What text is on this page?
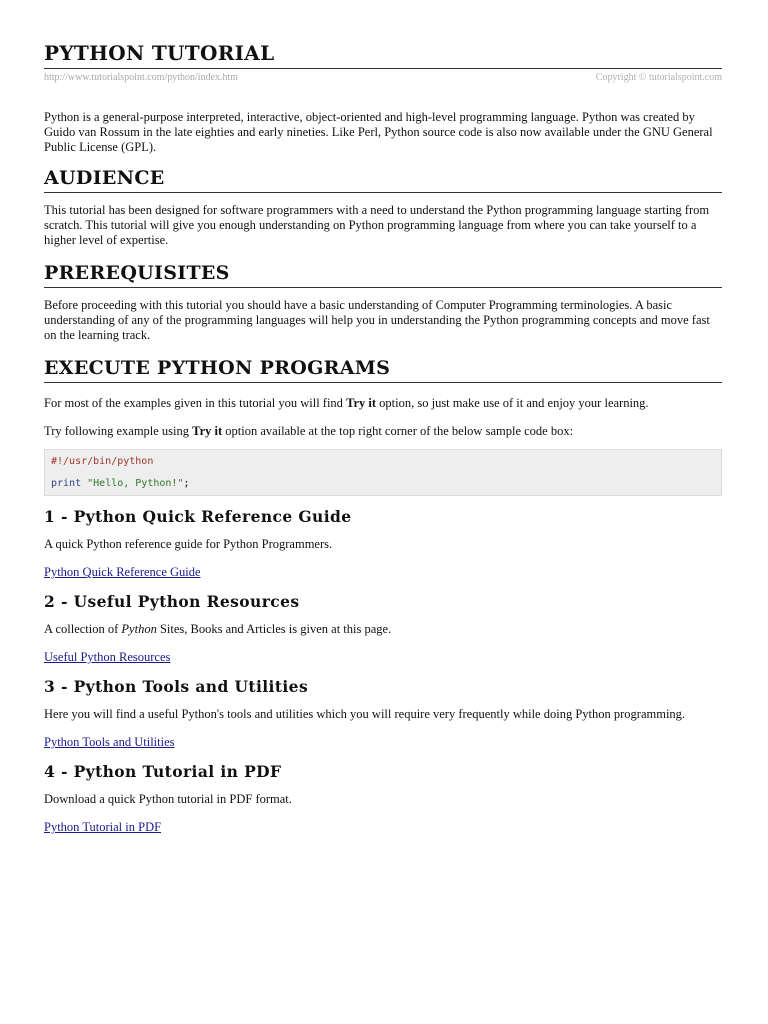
PYTHON TUTORIAL
http://www.tutorialspoint.com/python/index.htm	Copyright © tutorialspoint.com

Python is a general-purpose interpreted, interactive, object-oriented and high-level programming language. Python was created by Guido van Rossum in the late eighties and early nineties. Like Perl, Python source code is also now available under the GNU General Public License (GPL).

AUDIENCE

This tutorial has been designed for software programmers with a need to understand the Python programming language starting from scratch. This tutorial will give you enough understanding on Python programming language from where you can take yourself to a higher level of expertise.

PREREQUISITES

Before proceeding with this tutorial you should have a basic understanding of Computer Programming terminologies. A basic understanding of any of the programming languages will help you in understanding the Python programming concepts and move fast on the learning track.

EXECUTE PYTHON PROGRAMS

For most of the examples given in this tutorial you will find Try it option, so just make use of it and enjoy your learning.

Try following example using Try it option available at the top right corner of the below sample code box:

#!/usr/bin/python
print "Hello, Python!";
1 - Python Quick Reference Guide

A quick Python reference guide for Python Programmers.

Python Quick Reference Guide

2 - Useful Python Resources

A collection of Python Sites, Books and Articles is given at this page.

Useful Python Resources

3 - Python Tools and Utilities

Here you will find a useful Python's tools and utilities which you will require very frequently while doing Python programming.

Python Tools and Utilities

4 - Python Tutorial in PDF

Download a quick Python tutorial in PDF format.

Python Tutorial in PDF
